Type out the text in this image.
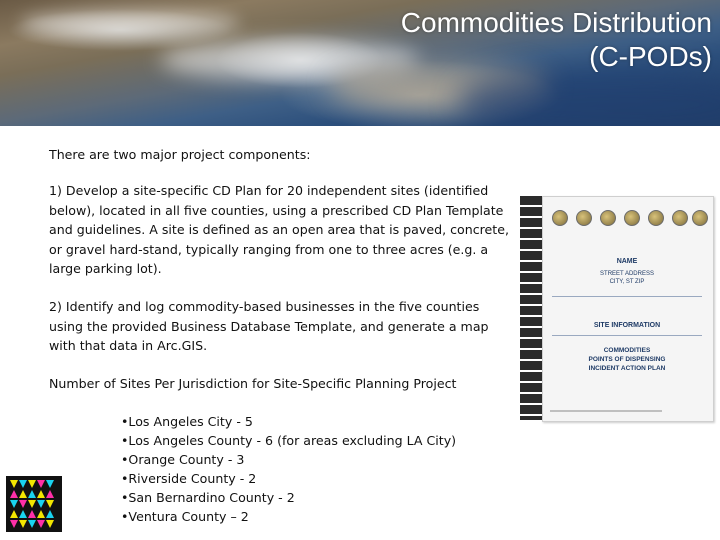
Commodities Distribution
(C-PODs)

There are two major project components:

1) Develop a site-specific CD Plan for 20 independent sites (identified below), located in all five counties, using a prescribed CD Plan Template and guidelines. A site is defined as an open area that is paved, concrete, or gravel hard-stand, typically ranging from one to three acres (e.g. a large parking lot).

2) Identify and log commodity-based businesses in the five counties using the provided Business Database Template, and generate a map with that data in Arc.GIS.

Number of Sites Per Jurisdiction for Site-Specific Planning Project

•Los Angeles City - 5
•Los Angeles County - 6 (for areas excluding LA City)
•Orange County - 3
•Riverside County - 2
•San Bernardino County - 2
•Ventura County – 2
NAME
STREET ADDRESS
CITY, ST ZIP
SITE INFORMATION
COMMODITIES
POINTS OF DISPENSING
INCIDENT ACTION PLAN
